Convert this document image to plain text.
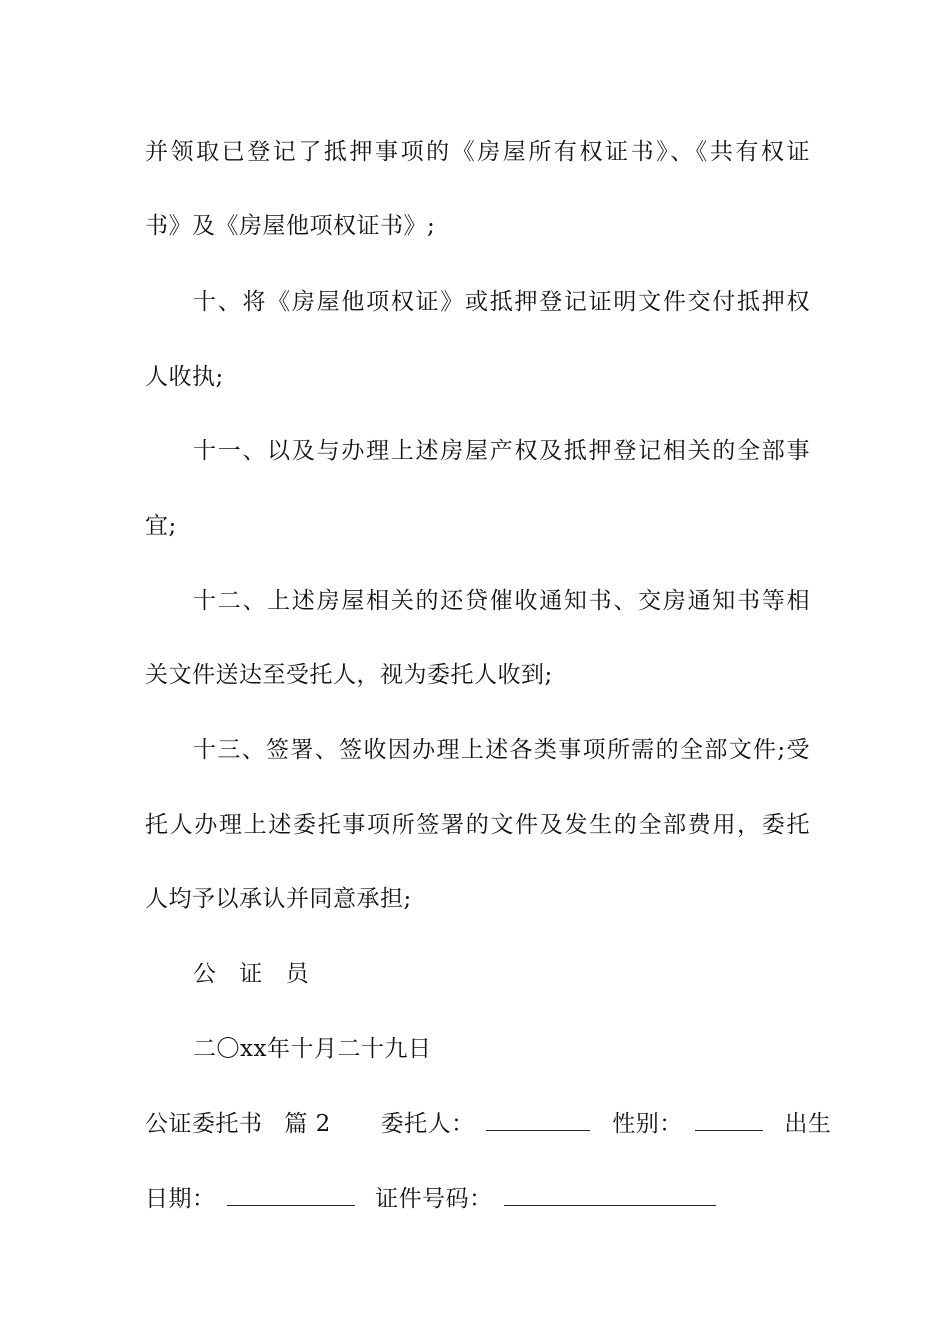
并领取已登记了抵押事项的《房屋所有权证书》、《共有权证
书》及《房屋他项权证书》;
十、将《房屋他项权证》或抵押登记证明文件交付抵押权
人收执;
十一、以及与办理上述房屋产权及抵押登记相关的全部事
宜;
十二、上述房屋相关的还贷催收通知书、交房通知书等相
关文件送达至受托人，视为委托人收到;
十三、签署、签收因办理上述各类事项所需的全部文件;受
托人办理上述委托事项所签署的文件及发生的全部费用，委托
人均予以承认并同意承担;
公 证 员
二〇xx年十月二十九日
公证委托书 篇 2 委托人：	性别：	出生
日期：	证件号码：
